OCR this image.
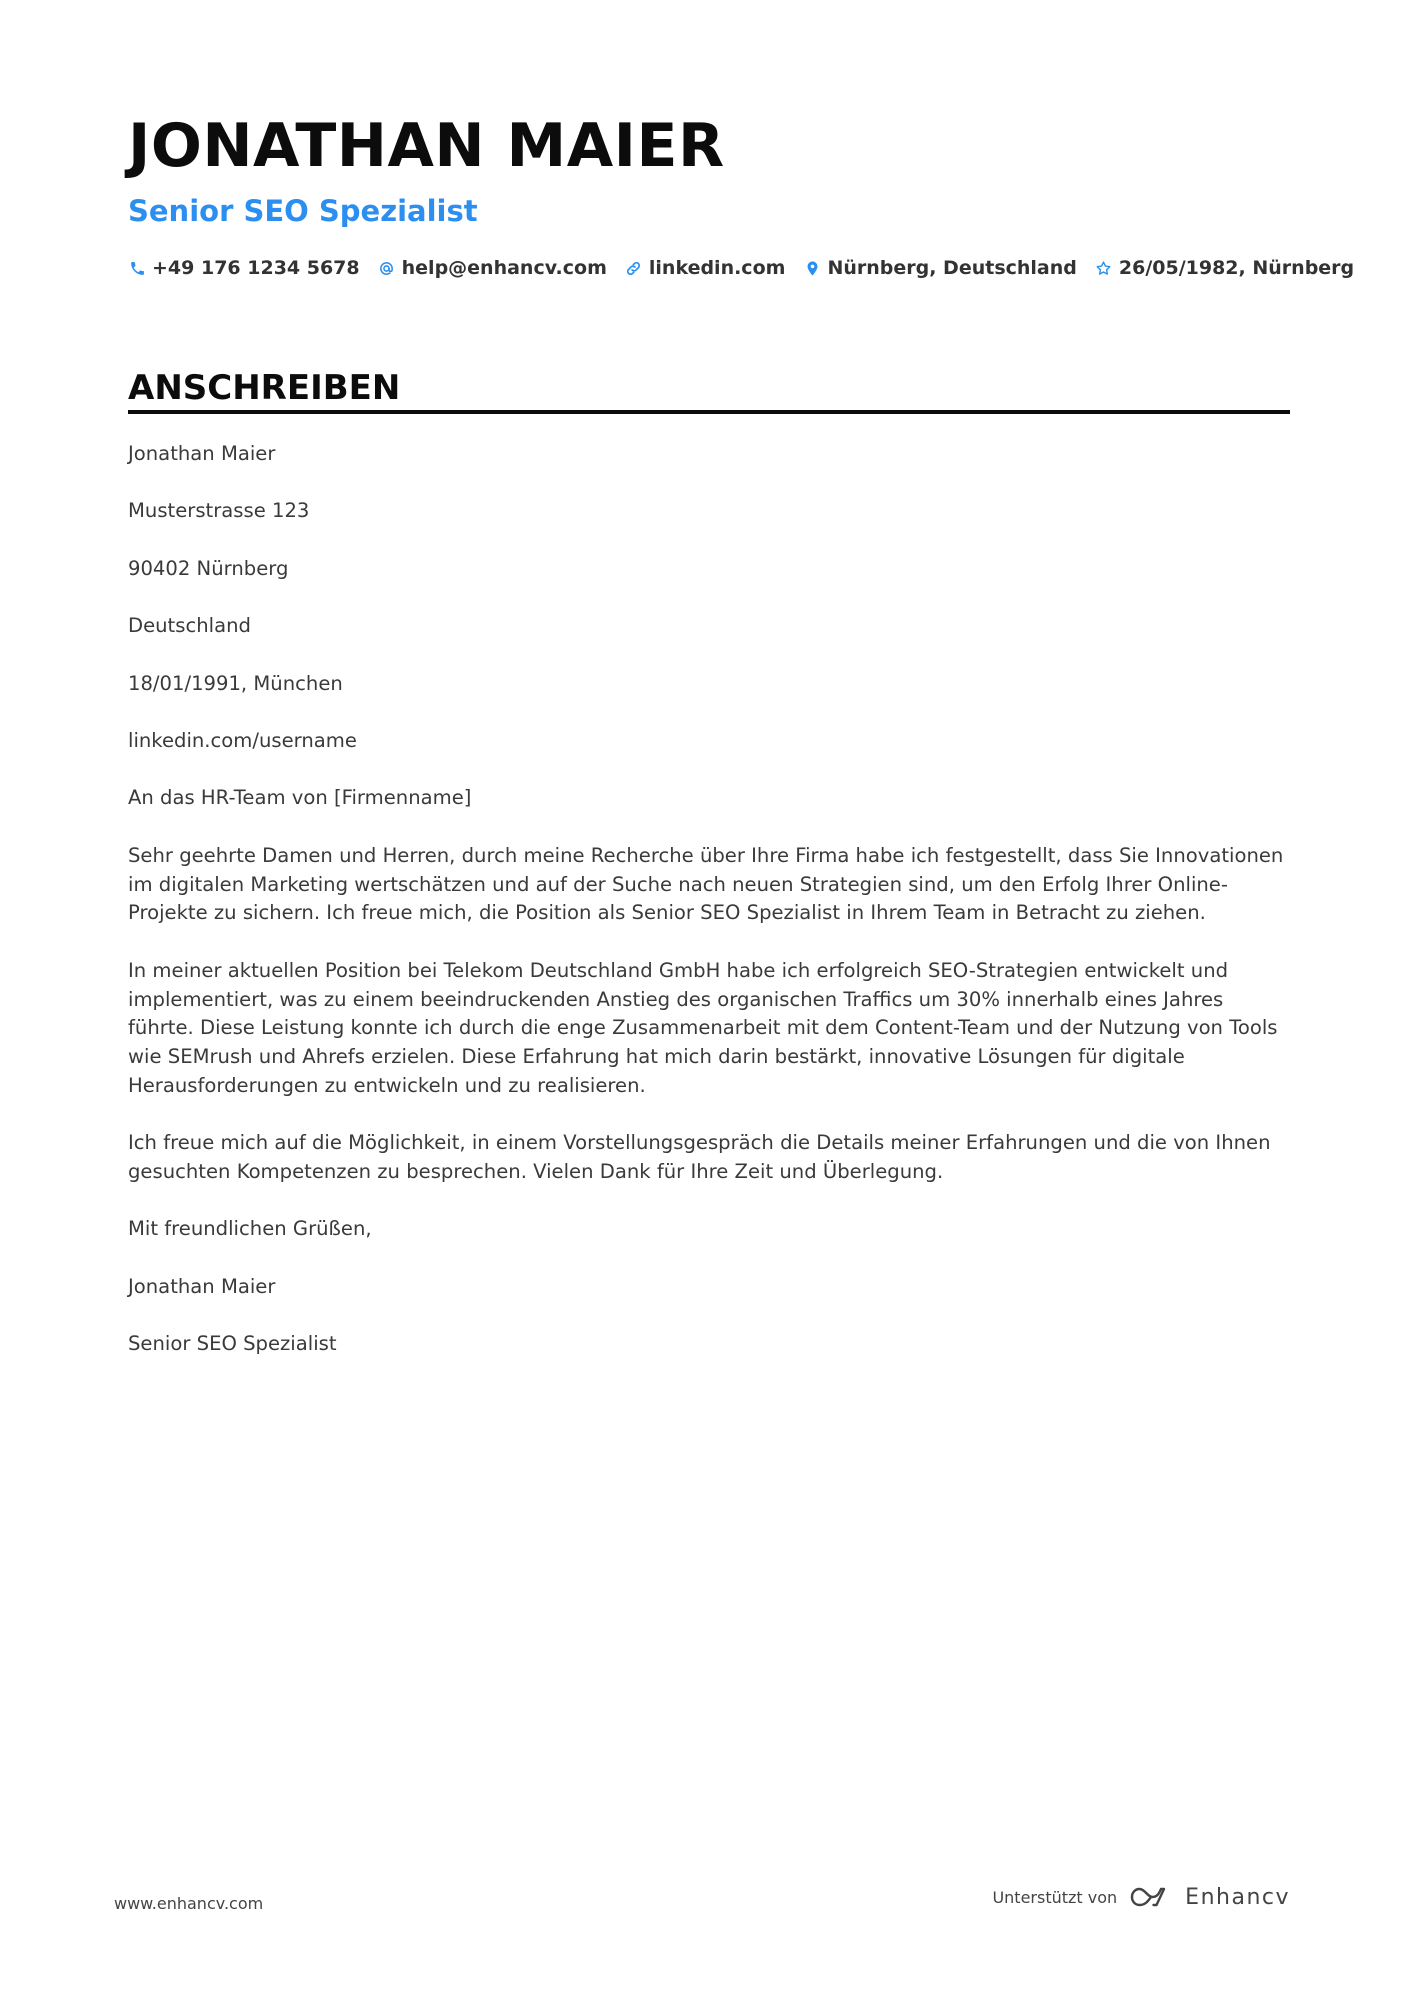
JONATHAN MAIER
Senior SEO Spezialist
+49 176 1234 5678 help@enhancv.com linkedin.com Nürnberg, Deutschland 26/05/1982, Nürnberg
ANSCHREIBEN

Jonathan Maier

Musterstrasse 123

90402 Nürnberg

Deutschland

18/01/1991, München

linkedin.com/username

An das HR-Team von [Firmenname]

Sehr geehrte Damen und Herren, durch meine Recherche über Ihre Firma habe ich festgestellt, dass Sie Innovationen im digitalen Marketing wertschätzen und auf der Suche nach neuen Strategien sind, um den Erfolg Ihrer Online-Projekte zu sichern. Ich freue mich, die Position als Senior SEO Spezialist in Ihrem Team in Betracht zu ziehen.

In meiner aktuellen Position bei Telekom Deutschland GmbH habe ich erfolgreich SEO-Strategien entwickelt und implementiert, was zu einem beeindruckenden Anstieg des organischen Traffics um 30% innerhalb eines Jahres führte. Diese Leistung konnte ich durch die enge Zusammenarbeit mit dem Content-Team und der Nutzung von Tools wie SEMrush und Ahrefs erzielen. Diese Erfahrung hat mich darin bestärkt, innovative Lösungen für digitale Herausforderungen zu entwickeln und zu realisieren.

Ich freue mich auf die Möglichkeit, in einem Vorstellungsgespräch die Details meiner Erfahrungen und die von Ihnen gesuchten Kompetenzen zu besprechen. Vielen Dank für Ihre Zeit und Überlegung.

Mit freundlichen Grüßen,

Jonathan Maier

Senior SEO Spezialist

www.enhancv.com	Unterstützt von	Enhancv
